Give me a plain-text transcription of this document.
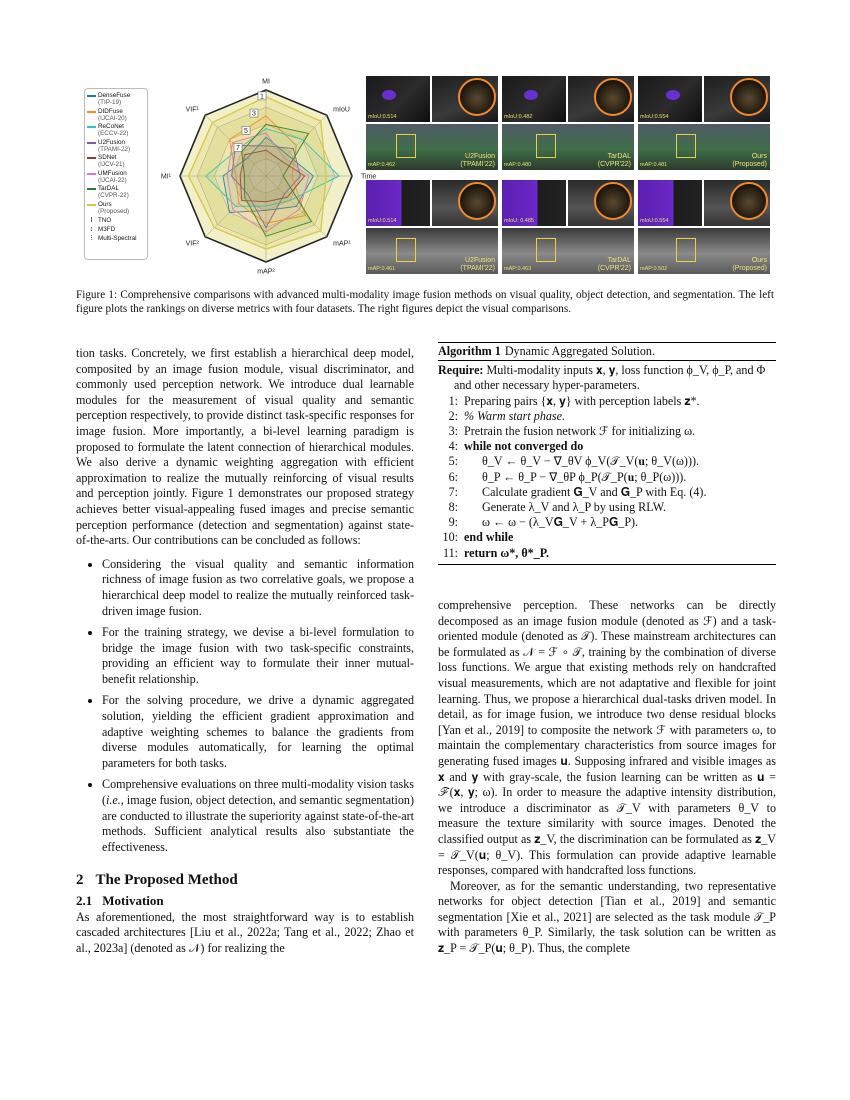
DenseFuse
(TIP-19)
DIDFuse
(IJCAI-20)
ReCoNet
(ECCV-22)
U2Fusion
(TPAMI-22)
SDNet
(IJCV-21)
UMFusion
(IJCAI-22)
TarDAL
(CVPR-22)
Ours
(Proposed)
I TNO
↕ M3FD
⁝ Multi-Spectral
MI
mIoU
Time
mAP¹
mAP²
VIF²
MI¹
VIF¹
1
3
5
7
mIoU:0.514
mAP:0.462
U2Fusion
(TPAMI'22)
mIoU:0.482
mAP:0.480
TarDAL
(CVPR'22)
mIoU:0.554
mAP:0.481
Ours
(Proposed)
mIoU:0.514
mAP:0.461
U2Fusion
(TPAMI'22)
mIoU: 0.485
mAP:0.463
TarDAL
(CVPR'22)
mIoU:0.554
mAP:0.502
Ours
(Proposed)
Figure 1: Comprehensive comparisons with advanced multi-modality image fusion methods on visual quality, object detection, and segmentation. The left figure plots the rankings on diverse metrics with four datasets. The right figures depict the visual comparisons.

tion tasks. Concretely, we first establish a hierarchical deep model, composited by an image fusion module, visual discriminator, and commonly used perception network. We introduce dual learnable modules for the measurement of visual quality and semantic perception respectively, to provide distinct task-specific responses for image fusion. More importantly, a bi-level learning paradigm is proposed to formulate the latent connection of hierarchical modules. We also derive a dynamic weighting aggregation with efficient approximation to realize the mutually reinforcing of visual results and perception jointly. Figure 1 demonstrates our proposed strategy achieves better visual-appealing fused images and precise semantic perception performance (detection and segmentation) against state-of-the-arts. Our contributions can be concluded as follows:

• Considering the visual quality and semantic information richness of image fusion as two correlative goals, we propose a hierarchical deep model to realize the mutually reinforced task-driven image fusion.
• For the training strategy, we devise a bi-level formulation to bridge the image fusion with two task-specific constraints, providing an efficient way to formulate their inner mutual-benefit relationship.
• For the solving procedure, we drive a dynamic aggregated solution, yielding the efficient gradient approximation and adaptive weighting schemes to balance the gradients from diverse modules automatically, for learning the optimal parameters for both tasks.
• Comprehensive evaluations on three multi-modality vision tasks (i.e., image fusion, object detection, and semantic segmentation) are conducted to illustrate the superiority against state-of-the-art methods. Sufficient analytical results also substantiate the effectiveness.
2 The Proposed Method
2.1 Motivation

As aforementioned, the most straightforward way is to establish cascaded architectures [Liu et al., 2022a; Tang et al., 2022; Zhao et al., 2023a] (denoted as 𝒩) for realizing the

Algorithm 1 Dynamic Aggregated Solution.
Require: Multi-modality inputs 𝐱, 𝐲, loss function ϕ_V, ϕ_P, and Φ and other necessary hyper-parameters.
1: Preparing pairs {𝐱, 𝐲} with perception labels 𝐳*.
2: % Warm start phase.
3: Pretrain the fusion network ℱ for initializing ω.
4: while not converged do
5:	θ_V ← θ_V − ∇_θV ϕ_V(𝒯_V(𝐮; θ_V(ω))).
6:	θ_P ← θ_P − ∇_θP ϕ_P(𝒯_P(𝐮; θ_P(ω))).
7:	Calculate gradient 𝐆_V and 𝐆_P with Eq. (4).
8:	Generate λ_V and λ_P by using RLW.
9:	ω ← ω − (λ_V𝐆_V + λ_P𝐆_P).
10: end while
11: return ω*, θ*_P.

comprehensive perception. These networks can be directly decomposed as an image fusion module (denoted as ℱ) and a task-oriented module (denoted as 𝒯). These mainstream architectures can be formulated as 𝒩 = ℱ ∘ 𝒯, training by the combination of diverse loss functions. We argue that existing methods rely on handcrafted visual measurements, which are not adaptative and flexible for joint learning. Thus, we propose a hierarchical dual-tasks driven model. In detail, as for image fusion, we introduce two dense residual blocks [Yan et al., 2019] to composite the network ℱ with parameters ω, to maintain the complementary characteristics from source images for generating fused images 𝐮. Supposing infrared and visible images as 𝐱 and 𝐲 with gray-scale, the fusion learning can be written as 𝐮 = ℱ(𝐱, 𝐲; ω). In order to measure the adaptive intensity distribution, we introduce a discriminator as 𝒯_V with parameters θ_V to measure the texture similarity with source images. Denoted the classified output as 𝐳_V, the discrimination can be formulated as 𝐳_V = 𝒯_V(𝐮; θ_V). This formulation can provide adaptive learnable responses, compared with handcrafted loss functions.

Moreover, as for the semantic understanding, two representative networks for object detection [Tian et al., 2019] and semantic segmentation [Xie et al., 2021] are selected as the task module 𝒯_P with parameters θ_P. Similarly, the task solution can be written as 𝐳_P = 𝒯_P(𝐮; θ_P). Thus, the complete
